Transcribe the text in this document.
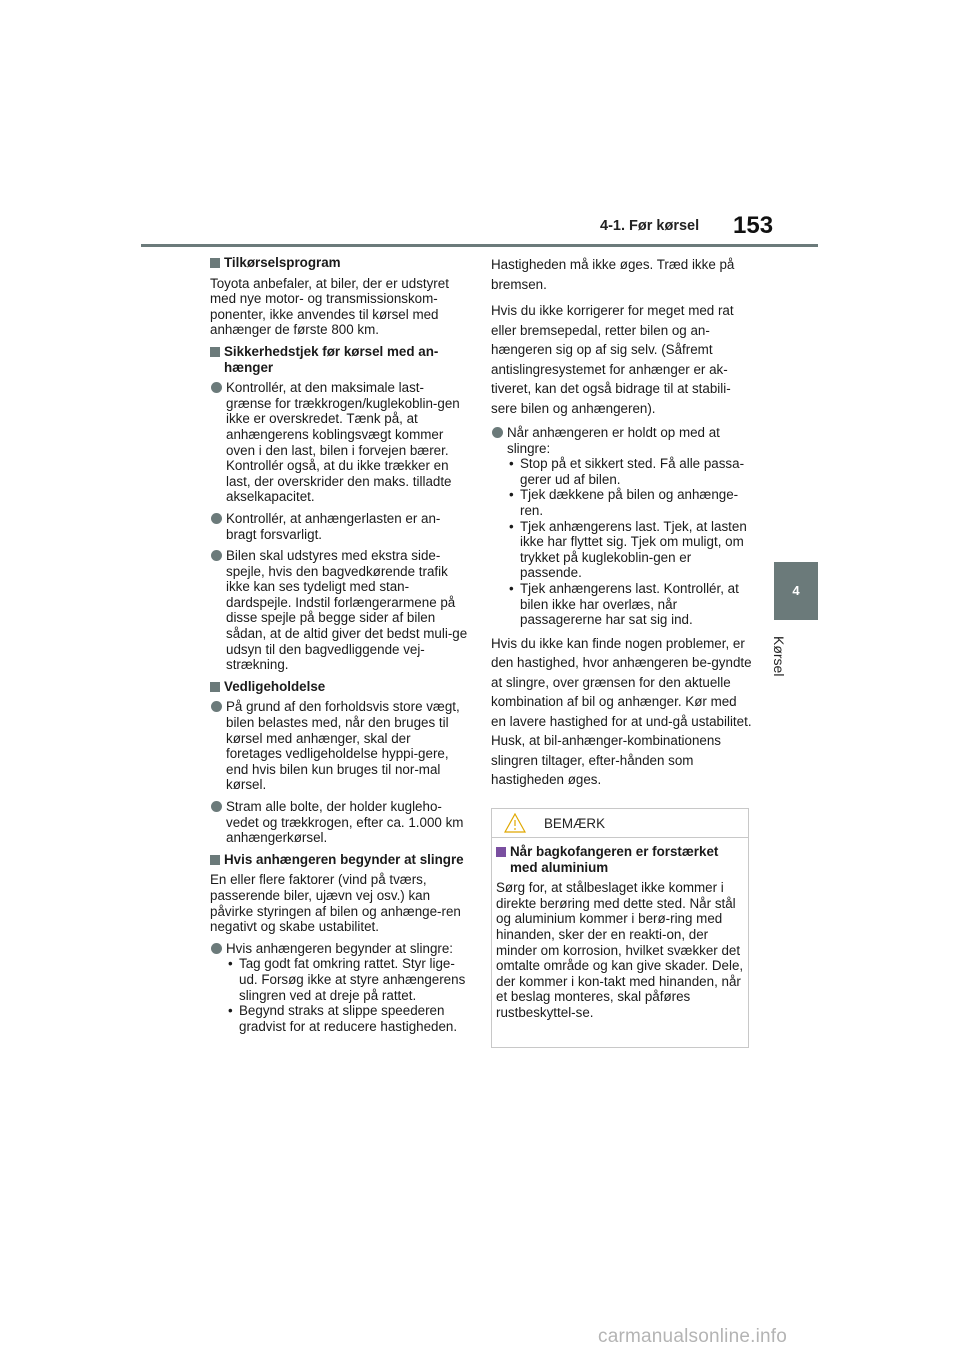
4-1. Før kørsel 153
4
Kørsel
Tilkørselsprogram
Toyota anbefaler, at biler, der er udstyret med nye motor- og transmissionskom-ponenter, ikke anvendes til kørsel med anhænger de første 800 km.
Sikkerhedstjek før kørsel med an-hænger
Kontrollér, at den maksimale last-grænse for trækkrogen/kuglekoblin-gen ikke er overskredet. Tænk på, at anhængerens koblingsvægt kommer oven i den last, bilen i forvejen bærer. Kontrollér også, at du ikke trækker en last, der overskrider den maks. tilladte akselkapacitet.
Kontrollér, at anhængerlasten er an-bragt forsvarligt.
Bilen skal udstyres med ekstra side-spejle, hvis den bagvedkørende trafik ikke kan ses tydeligt med stan-dardspejle. Indstil forlængerarmene på disse spejle på begge sider af bilen sådan, at de altid giver det bedst muli-ge udsyn til den bagvedliggende vej-strækning.
Vedligeholdelse
På grund af den forholdsvis store vægt, bilen belastes med, når den bruges til kørsel med anhænger, skal der foretages vedligeholdelse hyppi-gere, end hvis bilen kun bruges til nor-mal kørsel.
Stram alle bolte, der holder kugleho-vedet og trækkrogen, efter ca. 1.000 km anhængerkørsel.
Hvis anhængeren begynder at slingre
En eller flere faktorer (vind på tværs, passerende biler, ujævn vej osv.) kan påvirke styringen af bilen og anhænge-ren negativt og skabe ustabilitet.
Hvis anhængeren begynder at slingre:
• Tag godt fat omkring rattet. Styr lige-ud. Forsøg ikke at styre anhængerens slingren ved at dreje på rattet.
• Begynd straks at slippe speederen gradvist for at reducere hastigheden.
Hastigheden må ikke øges. Træd ikke på bremsen.
Hvis du ikke korrigerer for meget med rat eller bremsepedal, retter bilen og an-hængeren sig op af sig selv. (Såfremt antislingresystemet for anhænger er ak-tiveret, kan det også bidrage til at stabili-sere bilen og anhængeren).
Når anhængeren er holdt op med at slingre:
• Stop på et sikkert sted. Få alle passa-gerer ud af bilen.
• Tjek dækkene på bilen og anhænge-ren.
• Tjek anhængerens last. Tjek, at lasten ikke har flyttet sig. Tjek om muligt, om trykket på kuglekoblin-gen er passende.
• Tjek anhængerens last. Kontrollér, at bilen ikke har overlæs, når passagererne har sat sig ind.
Hvis du ikke kan finde nogen problemer, er den hastighed, hvor anhængeren be-gyndte at slingre, over grænsen for den aktuelle kombination af bil og anhænger. Kør med en lavere hastighed for at und-gå ustabilitet. Husk, at bil-anhænger-kombinationens slingren tiltager, efter-hånden som hastigheden øges.
BEMÆRK
Når bagkofangeren er forstærket med aluminium
Sørg for, at stålbeslaget ikke kommer i direkte berøring med dette sted. Når stål og aluminium kommer i berø-ring med hinanden, sker der en reakti-on, der minder om korrosion, hvilket svækker det omtalte område og kan give skader. Dele, der kommer i kon-takt med hinanden, når et beslag monteres, skal påføres rustbeskyttel-se.
carmanualsonline.info
